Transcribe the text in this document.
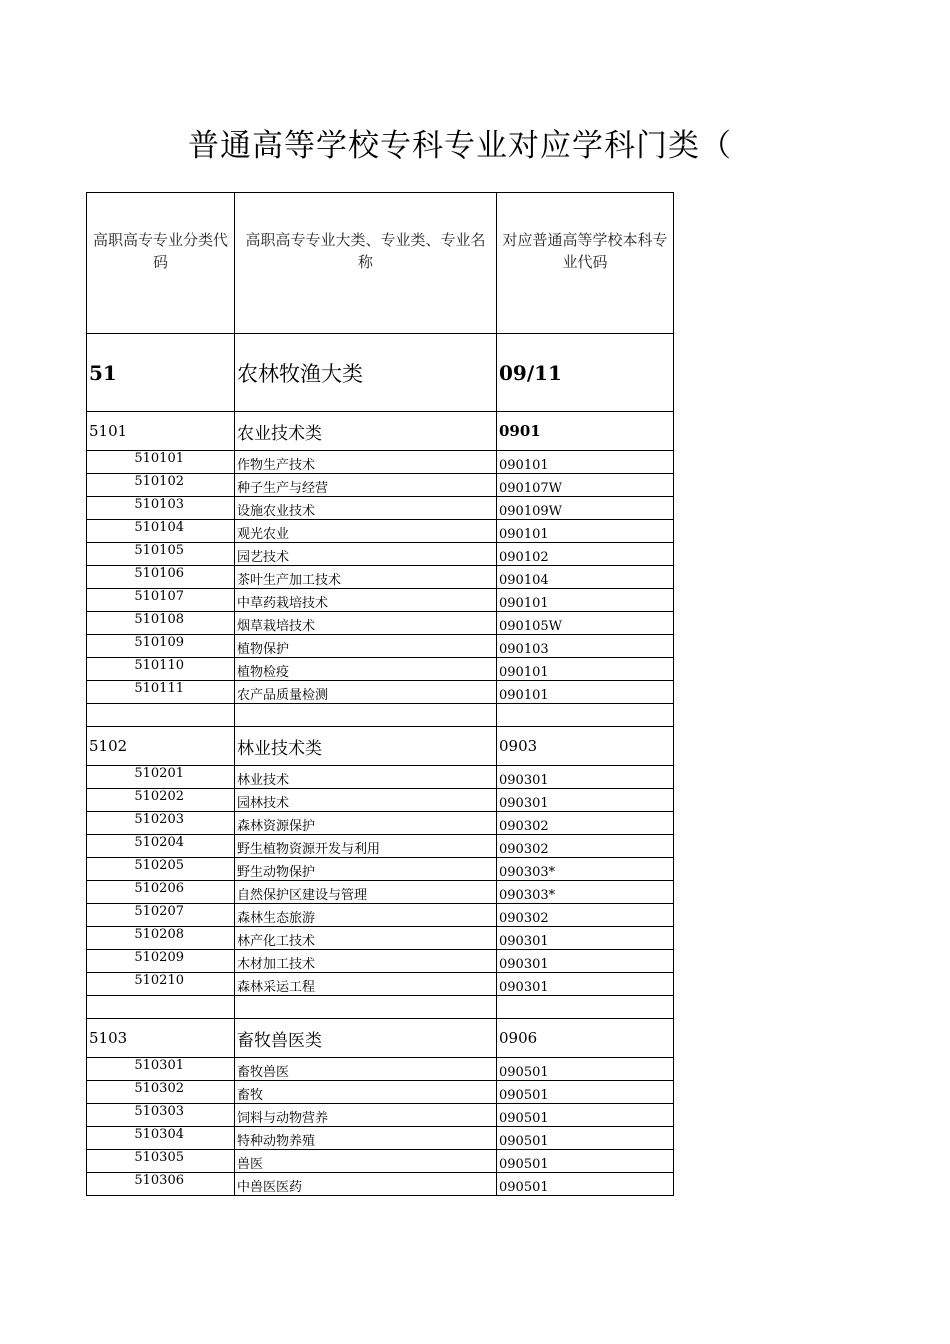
普通高等学校专科专业对应学科门类（
高职高专专业分类代码	高职高专专业大类、专业类、专业名称	对应普通高等学校本科专业代码

51	农林牧渔大类	09/11
5101	农业技术类	0901
510101	作物生产技术	090101
510102	种子生产与经营	090107W
510103	设施农业技术	090109W
510104	观光农业	090101
510105	园艺技术	090102
510106	茶叶生产加工技术	090104
510107	中草药栽培技术	090101
510108	烟草栽培技术	090105W
510109	植物保护	090103
510110	植物检疫	090101
510111	农产品质量检测	090101

5102	林业技术类	0903
510201	林业技术	090301
510202	园林技术	090301
510203	森林资源保护	090302
510204	野生植物资源开发与利用	090302
510205	野生动物保护	090303*
510206	自然保护区建设与管理	090303*
510207	森林生态旅游	090302
510208	林产化工技术	090301
510209	木材加工技术	090301
510210	森林采运工程	090301

5103	畜牧兽医类	0906
510301	畜牧兽医	090501
510302	畜牧	090501
510303	饲料与动物营养	090501
510304	特种动物养殖	090501
510305	兽医	090501
510306	中兽医医药	090501
